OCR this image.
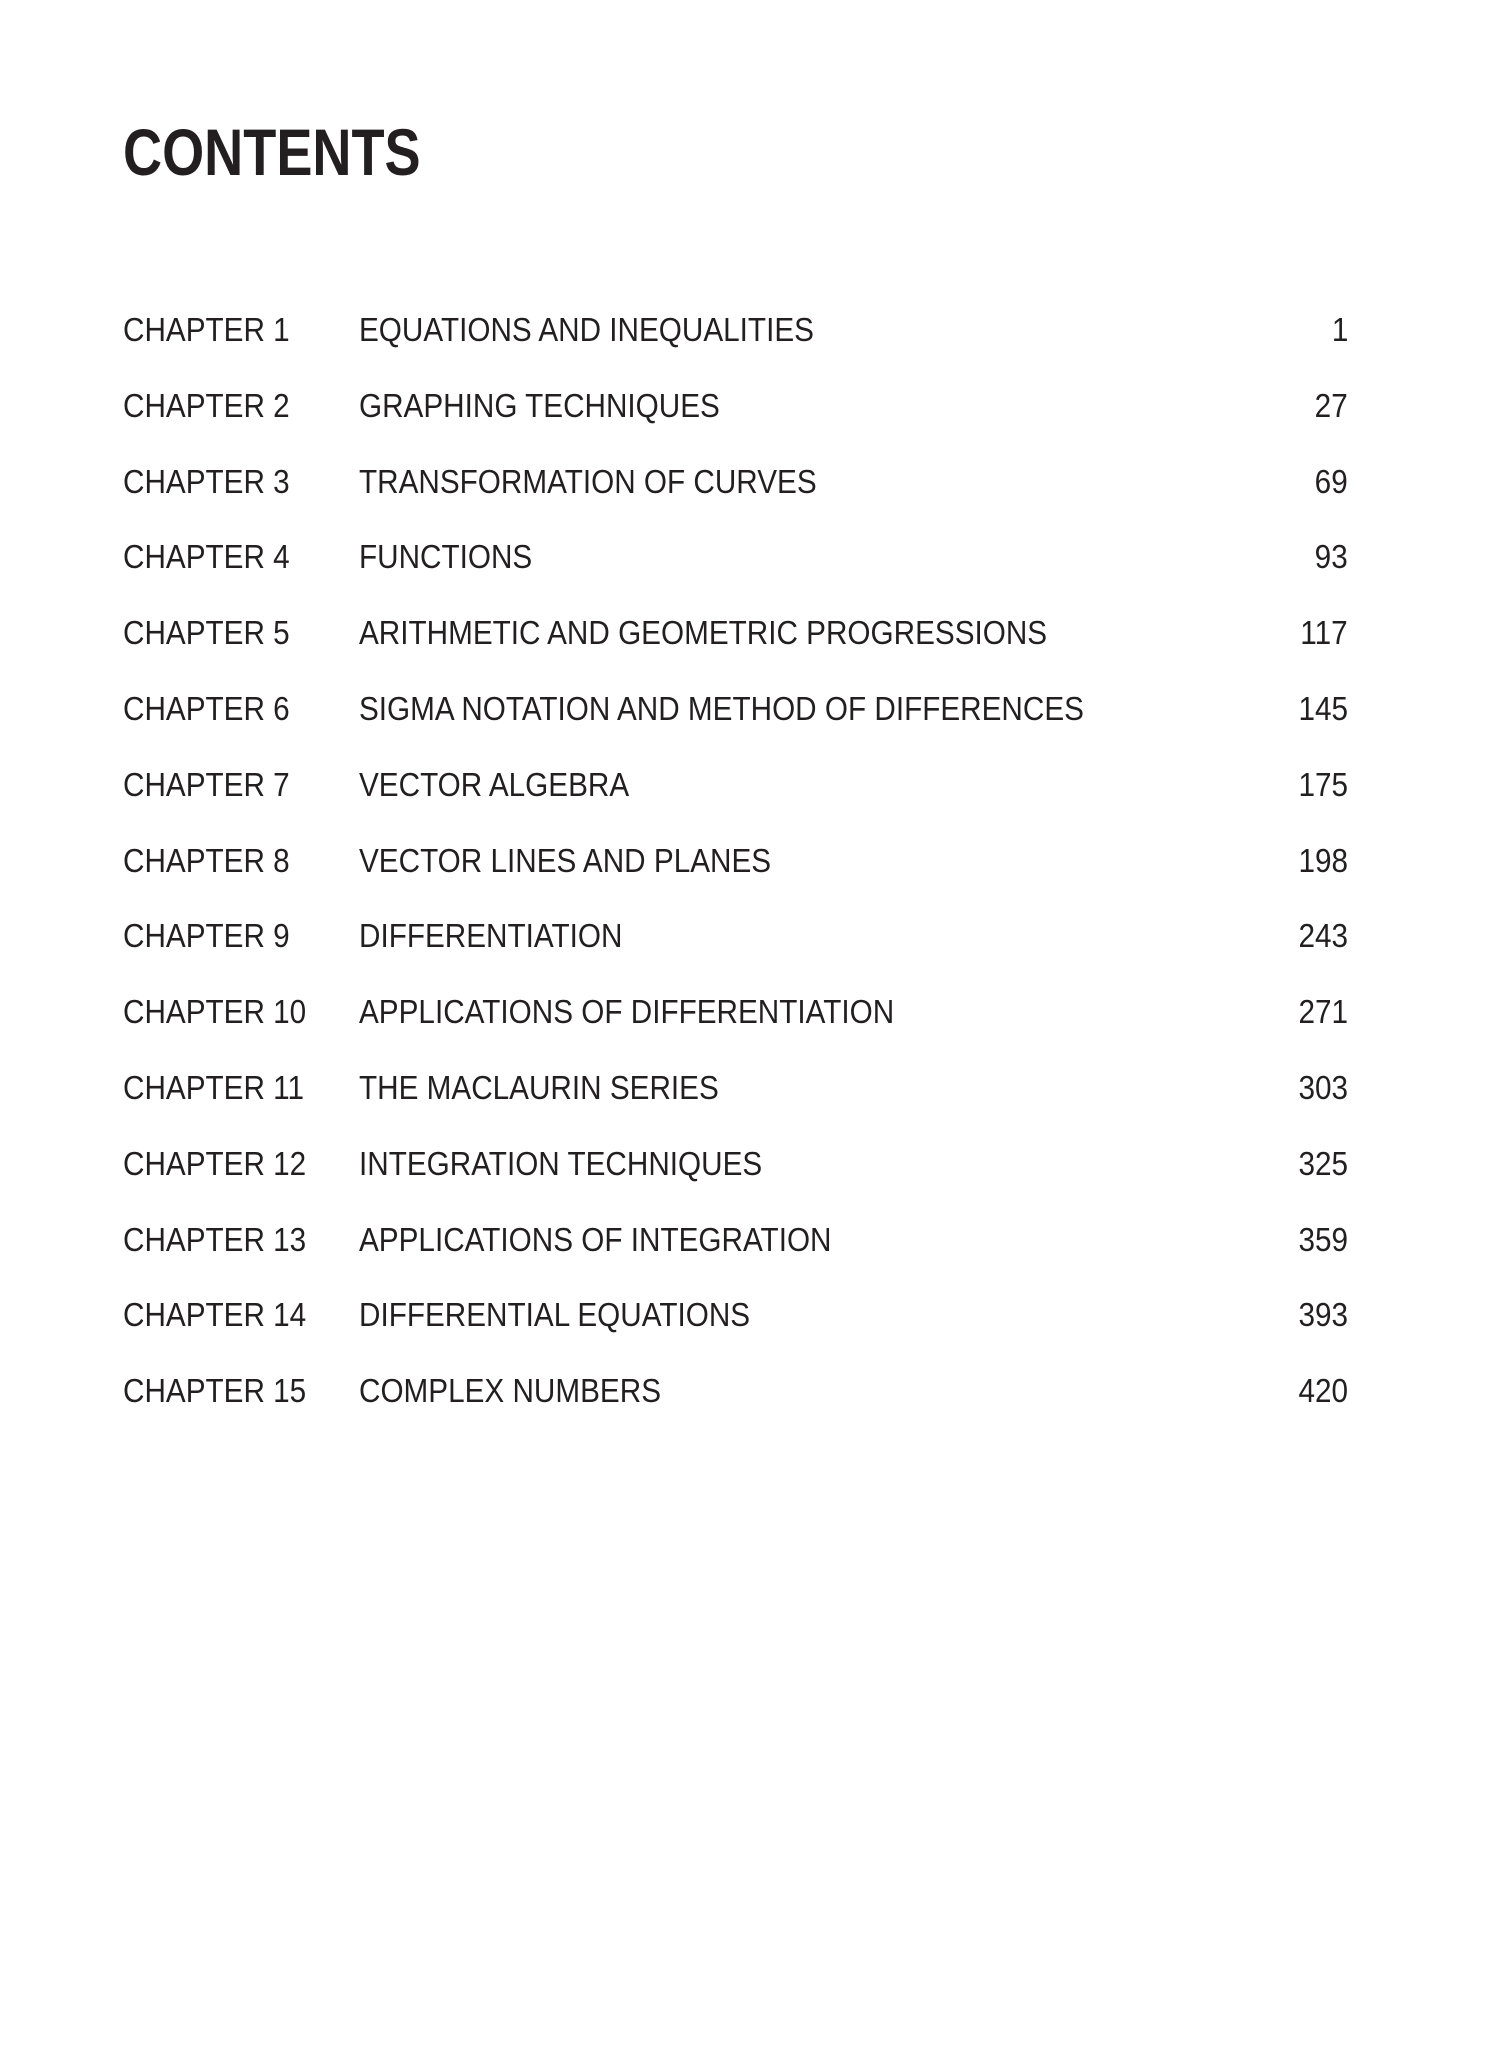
CONTENTS
CHAPTER 1 EQUATIONS AND INEQUALITIES	1
CHAPTER 2 GRAPHING TECHNIQUES	27
CHAPTER 3 TRANSFORMATION OF CURVES	69
CHAPTER 4 FUNCTIONS	93
CHAPTER 5 ARITHMETIC AND GEOMETRIC PROGRESSIONS	117
CHAPTER 6 SIGMA NOTATION AND METHOD OF DIFFERENCES	145
CHAPTER 7 VECTOR ALGEBRA	175
CHAPTER 8 VECTOR LINES AND PLANES	198
CHAPTER 9 DIFFERENTIATION	243
CHAPTER 10 APPLICATIONS OF DIFFERENTIATION	271
CHAPTER 11 THE MACLAURIN SERIES	303
CHAPTER 12 INTEGRATION TECHNIQUES	325
CHAPTER 13 APPLICATIONS OF INTEGRATION	359
CHAPTER 14 DIFFERENTIAL EQUATIONS	393
CHAPTER 15 COMPLEX NUMBERS	420
